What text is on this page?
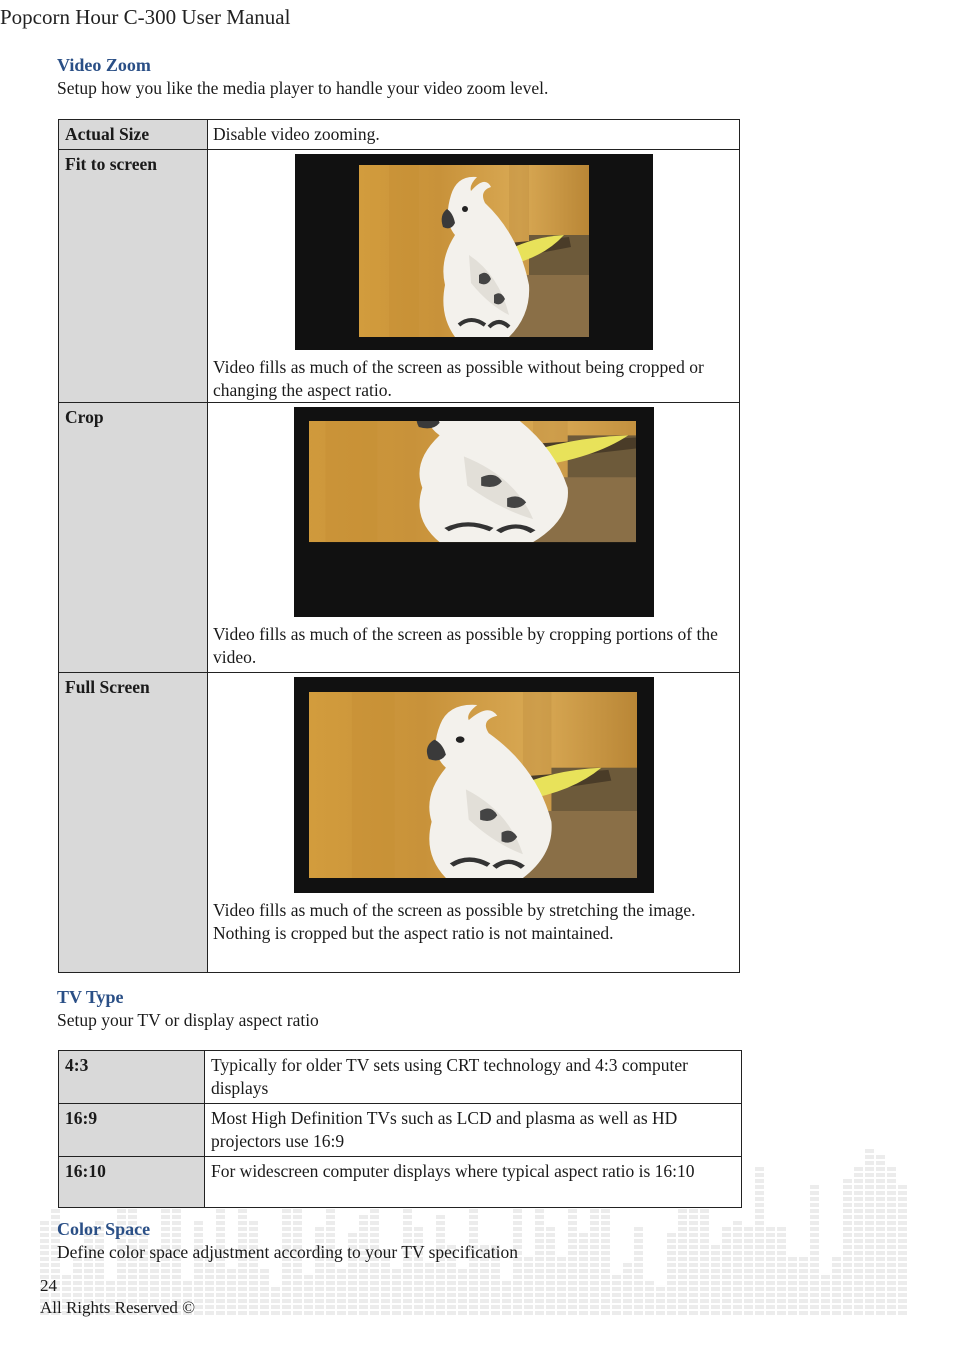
Popcorn Hour C-300 User Manual
Video Zoom
Setup how you like the media player to handle your video zoom level.
Actual Size	Disable video zooming.
Fit to screen	Video fills as much of the screen as possible without being cropped or changing the aspect ratio.

Crop	Video fills as much of the screen as possible by cropping portions of the video.

Full Screen	Video fills as much of the screen as possible by stretching the image. Nothing is cropped but the aspect ratio is not maintained.
TV Type
Setup your TV or display aspect ratio
4:3	Typically for older TV sets using CRT technology and 4:3 computer displays
16:9	Most High Definition TVs such as LCD and plasma as well as HD projectors use 16:9
16:10	For widescreen computer displays where typical aspect ratio is 16:10
Color Space
Define color space adjustment according to your TV specification
24
All Rights Reserved ©
